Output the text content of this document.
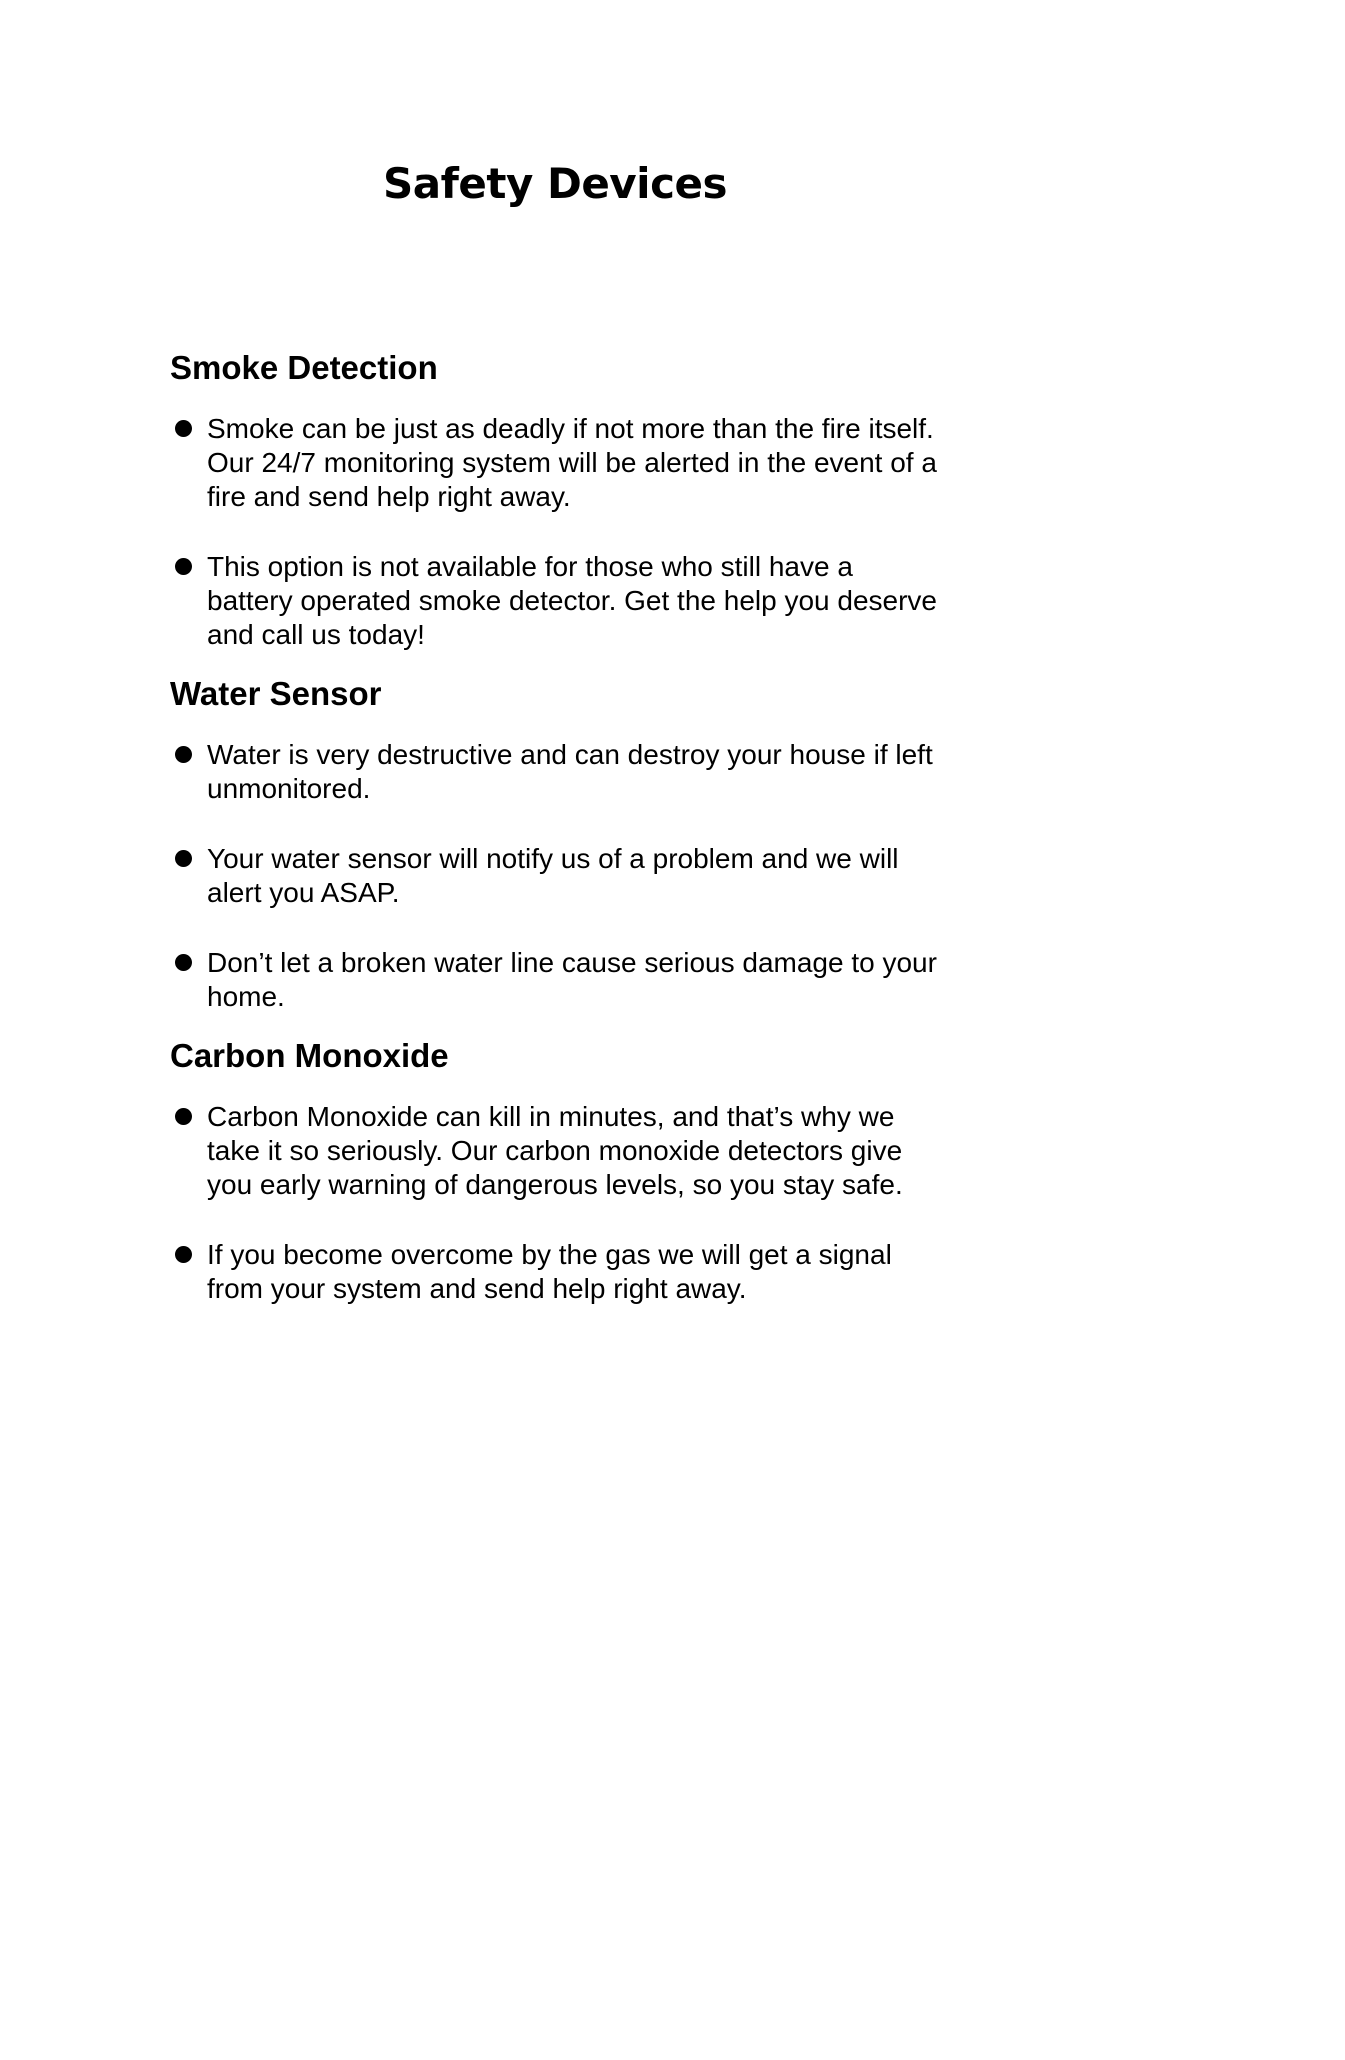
Safety Devices
Smoke Detection
Smoke can be just as deadly if not more than the fire itself. Our 24/7 monitoring system will be alerted in the event of a fire and send help right away.
This option is not available for those who still have a battery operated smoke detector. Get the help you deserve and call us today!
Water Sensor
Water is very destructive and can destroy your house if left unmonitored.
Your water sensor will notify us of a problem and we will alert you ASAP.
Don’t let a broken water line cause serious damage to your home.
Carbon Monoxide
Carbon Monoxide can kill in minutes, and that’s why we take it so seriously. Our carbon monoxide detectors give you early warning of dangerous levels, so you stay safe.
If you become overcome by the gas we will get a signal from your system and send help right away.
